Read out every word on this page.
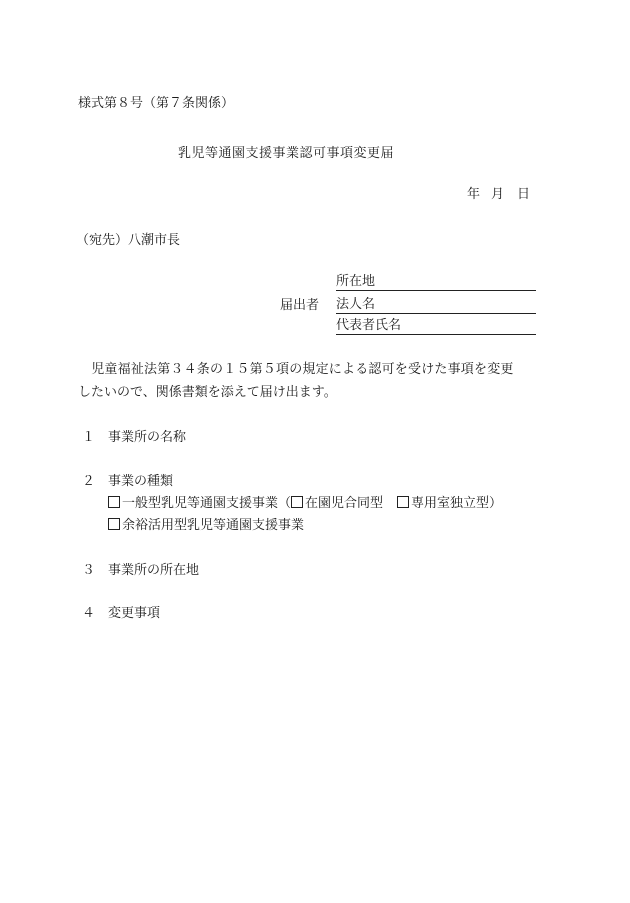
様式第８号（第７条関係）
乳児等通園支援事業認可事項変更届
年 月 日
（宛先）八潮市長
届出者
所在地
法人名
代表者氏名
　児童福祉法第３４条の１５第５項の規定による認可を受けた事項を変更
したいので、関係書類を添えて届け出ます。
１ 事業所の名称
２ 事業の種類
一般型乳児等通園支援事業（ 在園児合同型 専用室独立型）
余裕活用型乳児等通園支援事業
３ 事業所の所在地
４ 変更事項
